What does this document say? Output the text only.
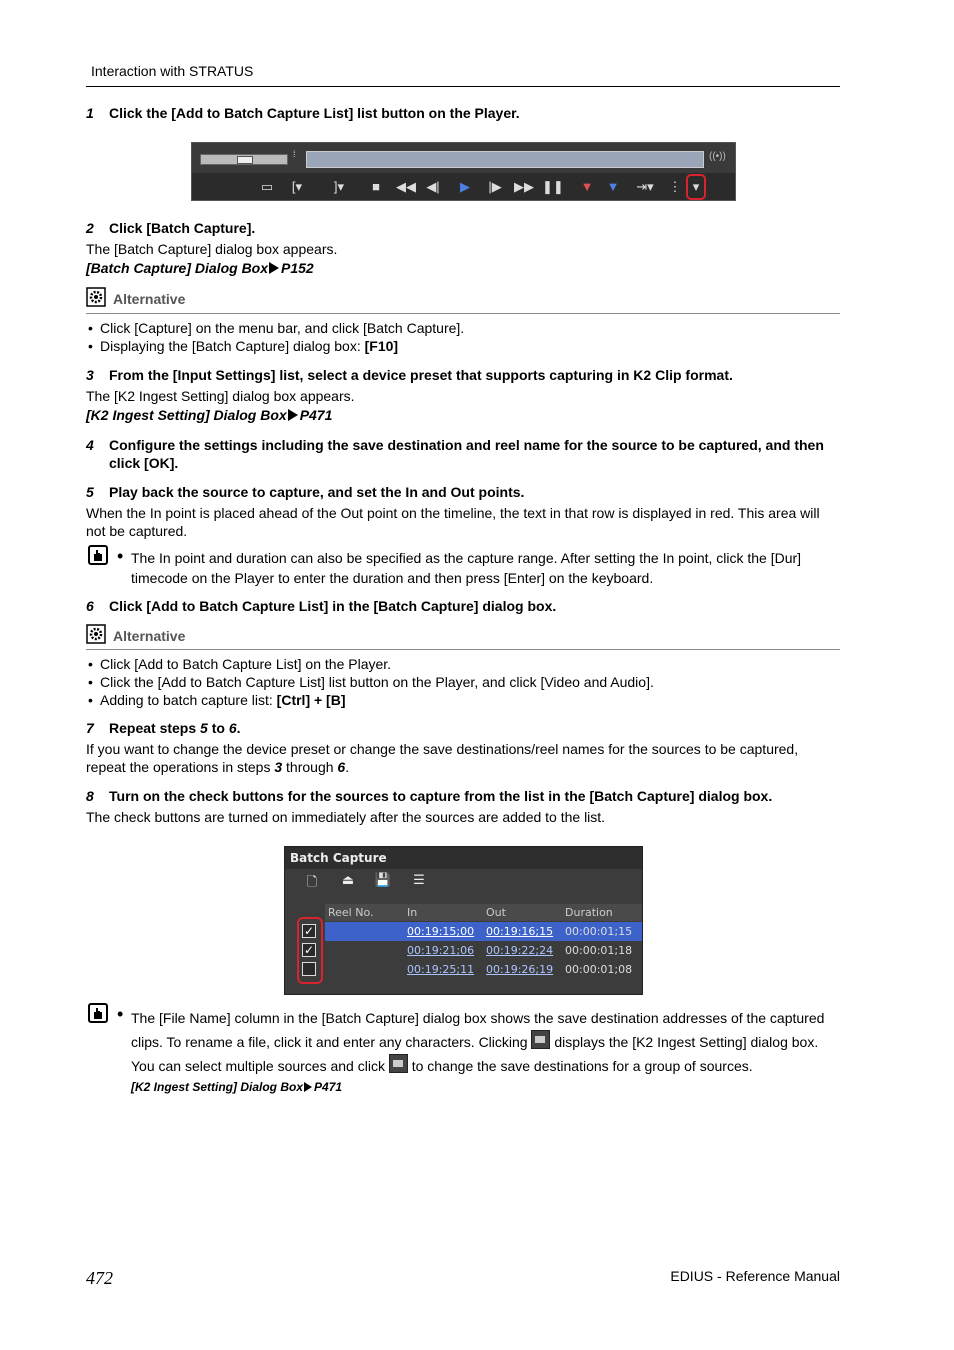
Interaction with STRATUS
1 Click the [Add to Batch Capture List] list button on the Player.
⁞	((•))
▭	[▾	]▾	■	◀◀ ◀|	▶	|▶ ▶▶ ❚❚	▼	▼	⇥▾	⋮ ▾
2 Click [Batch Capture].
The [Batch Capture] dialog box appears.
[Batch Capture] Dialog Box P152
Alternative
• Click [Capture] on the menu bar, and click [Batch Capture].
• Displaying the [Batch Capture] dialog box: [F10]
3 From the [Input Settings] list, select a device preset that supports capturing in K2 Clip format.
The [K2 Ingest Setting] dialog box appears.
[K2 Ingest Setting] Dialog Box P471
4 Configure the settings including the save destination and reel name for the source to be captured, and then click [OK].
5 Play back the source to capture, and set the In and Out points.
When the In point is placed ahead of the Out point on the timeline, the text in that row is displayed in red. This area will not be captured.
• The In point and duration can also be specified as the capture range. After setting the In point, click the [Dur] timecode on the Player to enter the duration and then press [Enter] on the keyboard.
6 Click [Add to Batch Capture List] in the [Batch Capture] dialog box.
Alternative
• Click [Add to Batch Capture List] on the Player.
• Click the [Add to Batch Capture List] list button on the Player, and click [Video and Audio].
• Adding to batch capture list: [Ctrl] + [B]
7 Repeat steps 5 to 6.
If you want to change the device preset or change the save destinations/reel names for the sources to be captured, repeat the operations in steps 3 through 6.
8 Turn on the check buttons for the sources to capture from the list in the [Batch Capture] dialog box.
The check buttons are turned on immediately after the sources are added to the list.
Batch Capture
🗋	⏏ 💾	☰
Reel No.	In	Out	Duration
00:19:15;00 00:19:16;15 00:00:01;15
00:19:21;06 00:19:22;24 00:00:01;18
00:19:25;11 00:19:26;19 00:00:01;08
✓
✓
• The [File Name] column in the [Batch Capture] dialog box shows the save destination addresses of the captured clips. To rename a file, click it and enter any characters. Clicking  displays the [K2 Ingest Setting] dialog box. You can select multiple sources and click  to change the save destinations for a group of sources.
[K2 Ingest Setting] Dialog Box P471
472	EDIUS - Reference Manual
